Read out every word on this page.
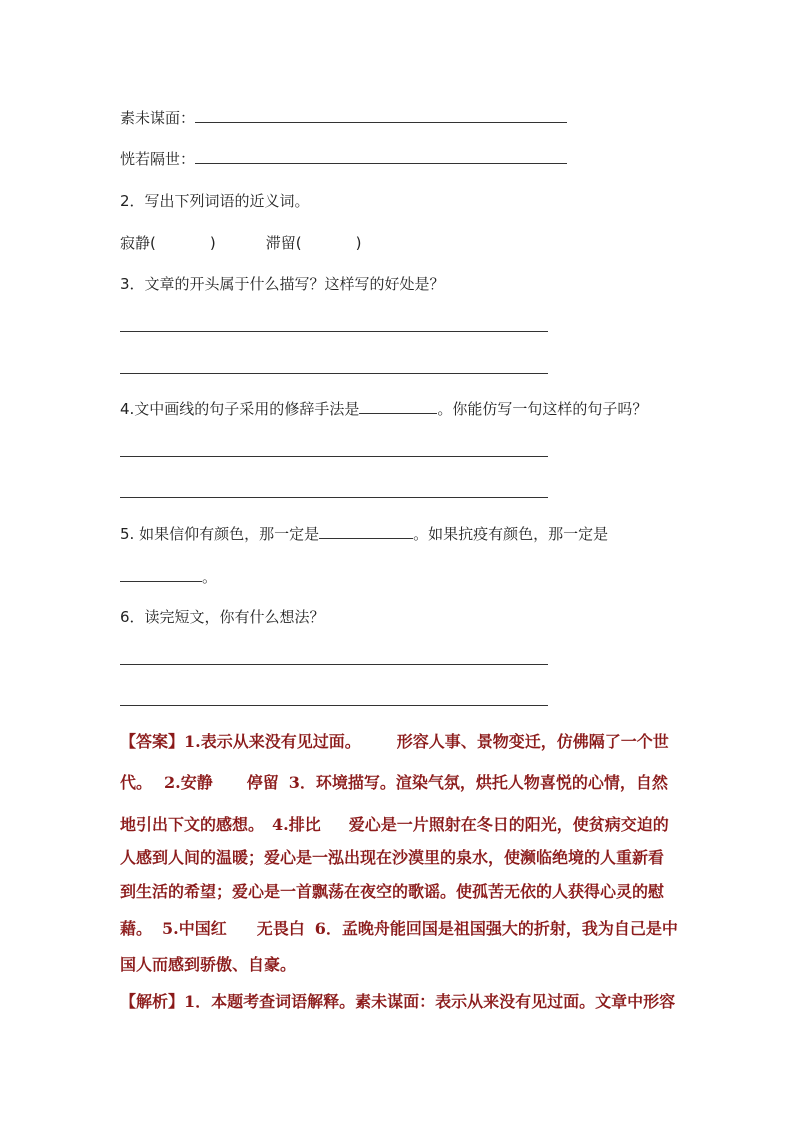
素未谋面：
恍若隔世：
2．写出下列词语的近义词。
寂静(	)	滞留(	)
3．文章的开头属于什么描写？这样写的好处是？
4.文中画线的句子采用的修辞手法是	。你能仿写一句这样的句子吗？
5. 如果信仰有颜色，那一定是	。如果抗疫有颜色，那一定是
。
6．读完短文，你有什么想法？
【答案】1.表示从来没有见过面。 形容人事、景物变迁，仿佛隔了一个世
代。 2.安静 停留 3．环境描写。渲染气氛，烘托人物喜悦的心情，自然
地引出下文的感想。 4.排比 爱心是一片照射在冬日的阳光，使贫病交迫的
人感到人间的温暖；爱心是一泓出现在沙漠里的泉水，使濒临绝境的人重新看
到生活的希望；爱心是一首飘荡在夜空的歌谣。使孤苦无依的人获得心灵的慰
藉。 5.中国红 无畏白 6．孟晚舟能回国是祖国强大的折射，我为自己是中
国人而感到骄傲、自豪。
【解析】1．本题考查词语解释。素未谋面：表示从来没有见过面。文章中形容
